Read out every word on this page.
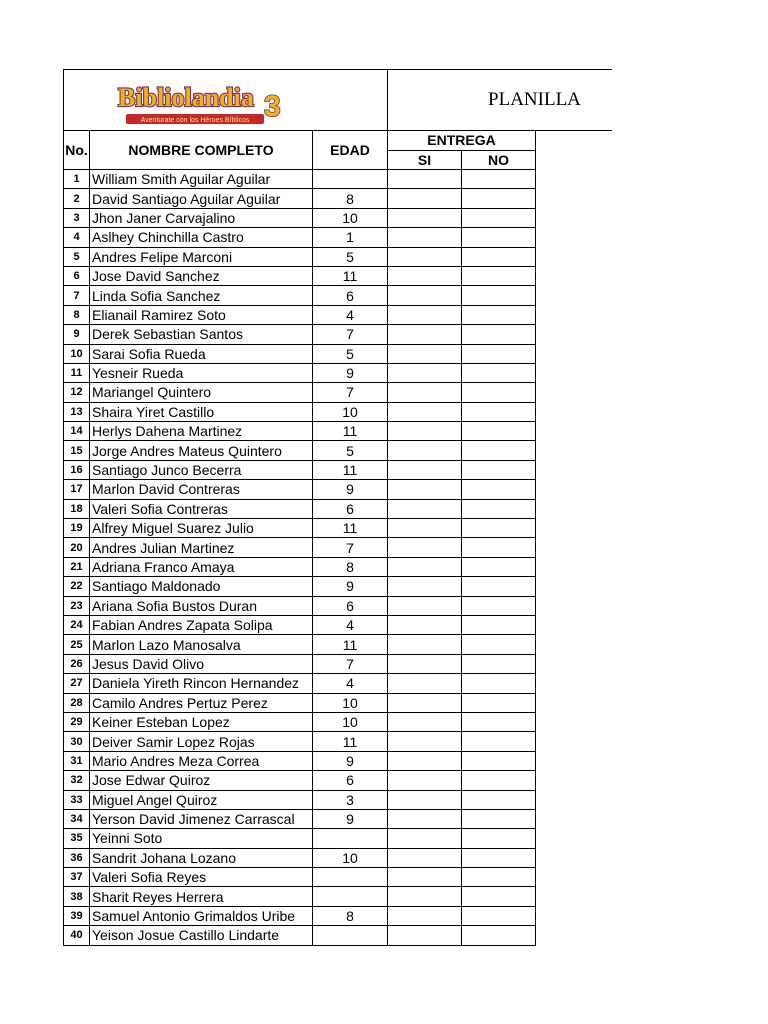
Bibliolandia 3
Aventurate con los Héroes Bíblicos			PLANILLA		
No.	NOMBRE COMPLETO	EDAD	ENTREGA		
			SI	NO	
1	William Smith Aguilar Aguilar				
2	David Santiago Aguilar Aguilar	8			
3	Jhon Janer Carvajalino	10			
4	Aslhey Chinchilla Castro	1			
5	Andres Felipe Marconi	5			
6	Jose David Sanchez	11			
7	Linda Sofia Sanchez	6			
8	Elianail Ramirez Soto	4			
9	Derek Sebastian Santos	7			
10	Sarai Sofia Rueda	5			
11	Yesneir Rueda	9			
12	Mariangel Quintero	7			
13	Shaira Yiret Castillo	10			
14	Herlys Dahena Martinez	11			
15	Jorge Andres Mateus Quintero	5			
16	Santiago Junco Becerra	11			
17	Marlon David Contreras	9			
18	Valeri Sofia Contreras	6			
19	Alfrey Miguel Suarez Julio	11			
20	Andres Julian Martinez	7			
21	Adriana Franco Amaya	8			
22	Santiago Maldonado	9			
23	Ariana Sofia Bustos Duran	6			
24	Fabian Andres Zapata Solipa	4			
25	Marlon Lazo Manosalva	11			
26	Jesus David Olivo	7			
27	Daniela Yireth Rincon Hernandez	4			
28	Camilo Andres Pertuz Perez	10			
29	Keiner Esteban Lopez	10			
30	Deiver Samir Lopez Rojas	11			
31	Mario Andres Meza Correa	9			
32	Jose Edwar Quiroz	6			
33	Miguel Angel Quiroz	3			
34	Yerson David Jimenez Carrascal	9			
35	Yeinni Soto				
36	Sandrit Johana Lozano	10			
37	Valeri Sofia Reyes				
38	Sharit Reyes Herrera				
39	Samuel Antonio Grimaldos Uribe	8			
40	Yeison Josue Castillo Lindarte				
